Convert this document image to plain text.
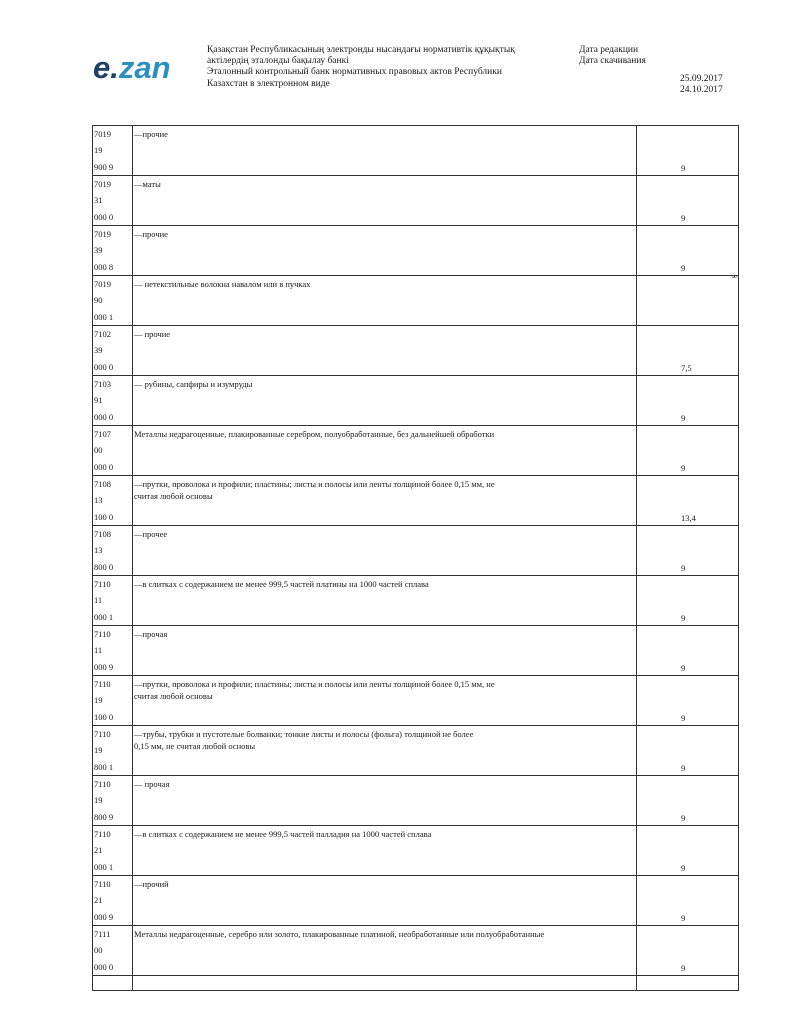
e.zan	Қазақстан Республикасының электронды нысандағы нормативтік құқықтық
актілердің эталонды бақылау банкі
Эталонный контрольный банк нормативных правовых актов Республики
Казахстан в электронном виде
Дата редакции
Дата скачивания
25.09.2017
24.10.2017
∞
7019
19
900 9
—прочие
9
7019
31
000 0
—маты
9
7019
39
000 8
—прочие
9
7019
90
000 1
— нетекстильные волокна навалом или в пучках
7102
39
000 0
— прочие
7,5
7103
91
000 0
— рубины, сапфиры и изумруды
9
7107
00
000 0
Металлы недрагоценные, плакированные серебром, полуобработанные, без дальнейшей обработки
9
7108
13
100 0
—прутки, проволока и профили; пластины; листы и полосы или ленты толщиной более 0,15 мм, не
считая любой основы
13,4
7108
13
800 0
—прочее
9
7110
11
000 1
—в слитках с содержанием не менее 999,5 частей платины на 1000 частей сплава
9
7110
11
000 9
—прочая
9
7110
19
100 0
—прутки, проволока и профили; пластины; листы и полосы или ленты толщиной более 0,15 мм, не
считая любой основы
9
7110
19
800 1
—трубы, трубки и пустотелые болванки; тонкие листы и полосы (фольга) толщиной не более
0,15 мм, не считая любой основы
9
7110
19
800 9
— прочая
9
7110
21
000 1
—в слитках с содержанием не менее 999,5 частей палладия на 1000 частей сплава
9
7110
21
000 9
—прочий
9
7111
00
000 0
Металлы недрагоценные, серебро или золото, плакированные платиной, необработанные или полуобработанные
9
